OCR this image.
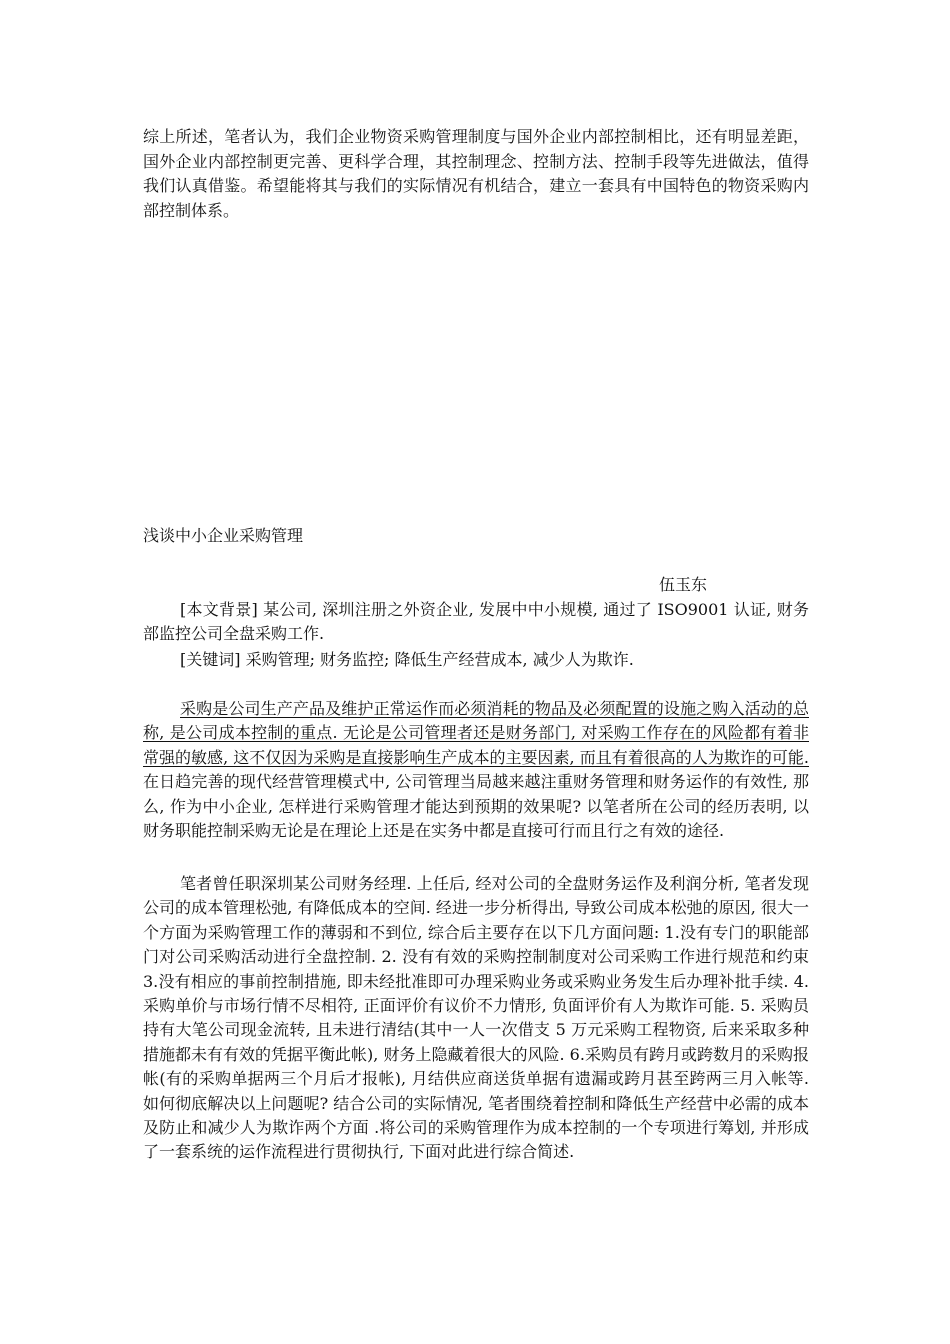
综上所述，笔者认为，我们企业物资采购管理制度与国外企业内部控制相比，还有明显差距，国外企业内部控制更完善、更科学合理，其控制理念、控制方法、控制手段等先进做法，值得我们认真借鉴。希望能将其与我们的实际情况有机结合，建立一套具有中国特色的物资采购内部控制体系。

浅谈中小企业采购管理

伍玉东

[本文背景] 某公司, 深圳注册之外资企业, 发展中中小规模, 通过了 ISO9001 认证, 财务部监控公司全盘采购工作.

[关键词] 采购管理; 财务监控; 降低生产经营成本, 减少人为欺诈.

采购是公司生产产品及维护正常运作而必须消耗的物品及必须配置的设施之购入活动的总称, 是公司成本控制的重点. 无论是公司管理者还是财务部门, 对采购工作存在的风险都有着非常强的敏感, 这不仅因为采购是直接影响生产成本的主要因素, 而且有着很高的人为欺诈的可能. 在日趋完善的现代经营管理模式中, 公司管理当局越来越注重财务管理和财务运作的有效性, 那么, 作为中小企业, 怎样进行采购管理才能达到预期的效果呢? 以笔者所在公司的经历表明, 以财务职能控制采购无论是在理论上还是在实务中都是直接可行而且行之有效的途径.

笔者曾任职深圳某公司财务经理. 上任后, 经对公司的全盘财务运作及利润分析, 笔者发现公司的成本管理松弛, 有降低成本的空间. 经进一步分析得出, 导致公司成本松弛的原因, 很大一个方面为采购管理工作的薄弱和不到位, 综合后主要存在以下几方面问题: 1.没有专门的职能部门对公司采购活动进行全盘控制. 2. 没有有效的采购控制制度对公司采购工作进行规范和约束 3.没有相应的事前控制措施, 即未经批准即可办理采购业务或采购业务发生后办理补批手续. 4.采购单价与市场行情不尽相符, 正面评价有议价不力情形, 负面评价有人为欺诈可能. 5. 采购员持有大笔公司现金流转, 且未进行清结(其中一人一次借支 5 万元采购工程物资, 后来采取多种措施都未有有效的凭据平衡此帐), 财务上隐藏着很大的风险. 6.采购员有跨月或跨数月的采购报帐(有的采购单据两三个月后才报帐), 月结供应商送货单据有遗漏或跨月甚至跨两三月入帐等. 如何彻底解决以上问题呢? 结合公司的实际情况, 笔者围绕着控制和降低生产经营中必需的成本及防止和减少人为欺诈两个方面 .将公司的采购管理作为成本控制的一个专项进行筹划, 并形成了一套系统的运作流程进行贯彻执行, 下面对此进行综合简述.
